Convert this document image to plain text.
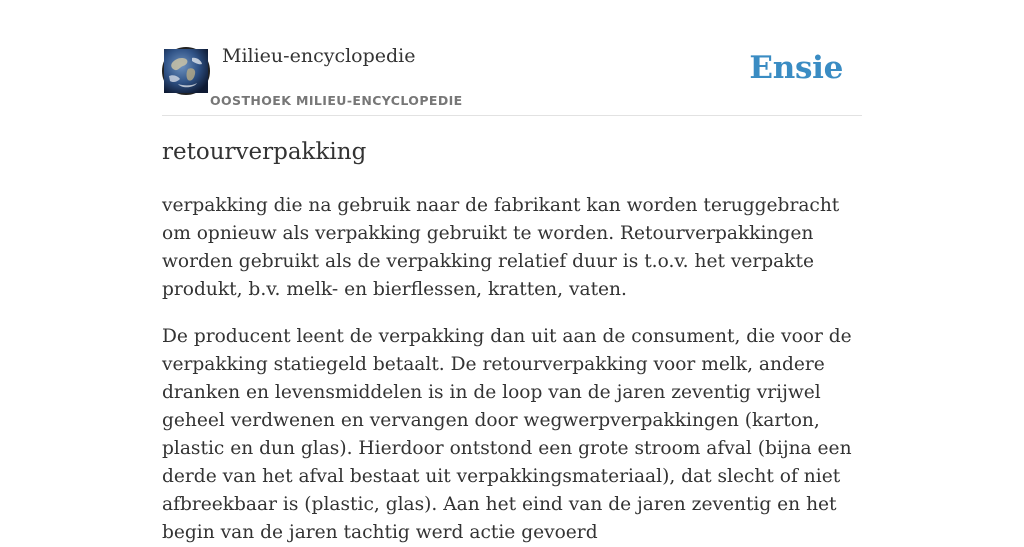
Milieu-encyclopedie
OOSTHOEK MILIEU-ENCYCLOPEDIE
Ensie
retourverpakking

verpakking die na gebruik naar de fabrikant kan worden teruggebracht om opnieuw als verpakking gebruikt te worden. Retourverpakkingen worden gebruikt als de verpakking relatief duur is t.o.v. het verpakte produkt, b.v. melk- en bierflessen, kratten, vaten.

De producent leent de verpakking dan uit aan de consument, die voor de verpakking statiegeld betaalt. De retourverpakking voor melk, andere dranken en levensmiddelen is in de loop van de jaren zeventig vrijwel geheel verdwenen en vervangen door wegwerpverpakkingen (karton, plastic en dun glas). Hierdoor ontstond een grote stroom afval (bijna een derde van het afval bestaat uit verpakkingsmateriaal), dat slecht of niet afbreekbaar is (plastic, glas). Aan het eind van de jaren zeventig en het begin van de jaren tachtig werd actie gevoerd
